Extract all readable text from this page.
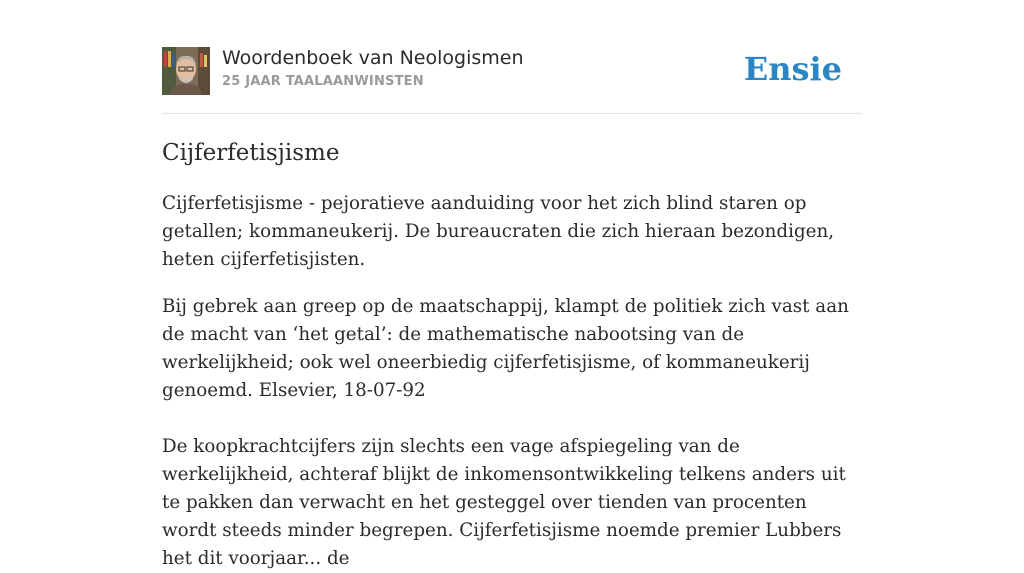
Woordenboek van Neologismen
25 JAAR TAALAANWINSTEN	Ensie
Cijferfetisjisme

Cijferfetisjisme - pejoratieve aanduiding voor het zich blind staren op getallen; kommaneukerij. De bureaucraten die zich hieraan bezondigen, heten cijferfetisjisten.

Bij gebrek aan greep op de maatschappij, klampt de politiek zich vast aan de macht van ‘het getal’: de mathematische nabootsing van de werkelijkheid; ook wel oneerbiedig cijferfetisjisme, of kommaneukerij genoemd. Elsevier, 18-07-92

De koopkrachtcijfers zijn slechts een vage afspiegeling van de werkelijkheid, achteraf blijkt de inkomensontwikkeling telkens anders uit te pakken dan verwacht en het gesteggel over tienden van procenten wordt steeds minder begrepen. Cijferfetisjisme noemde premier Lubbers het dit voorjaar... de
